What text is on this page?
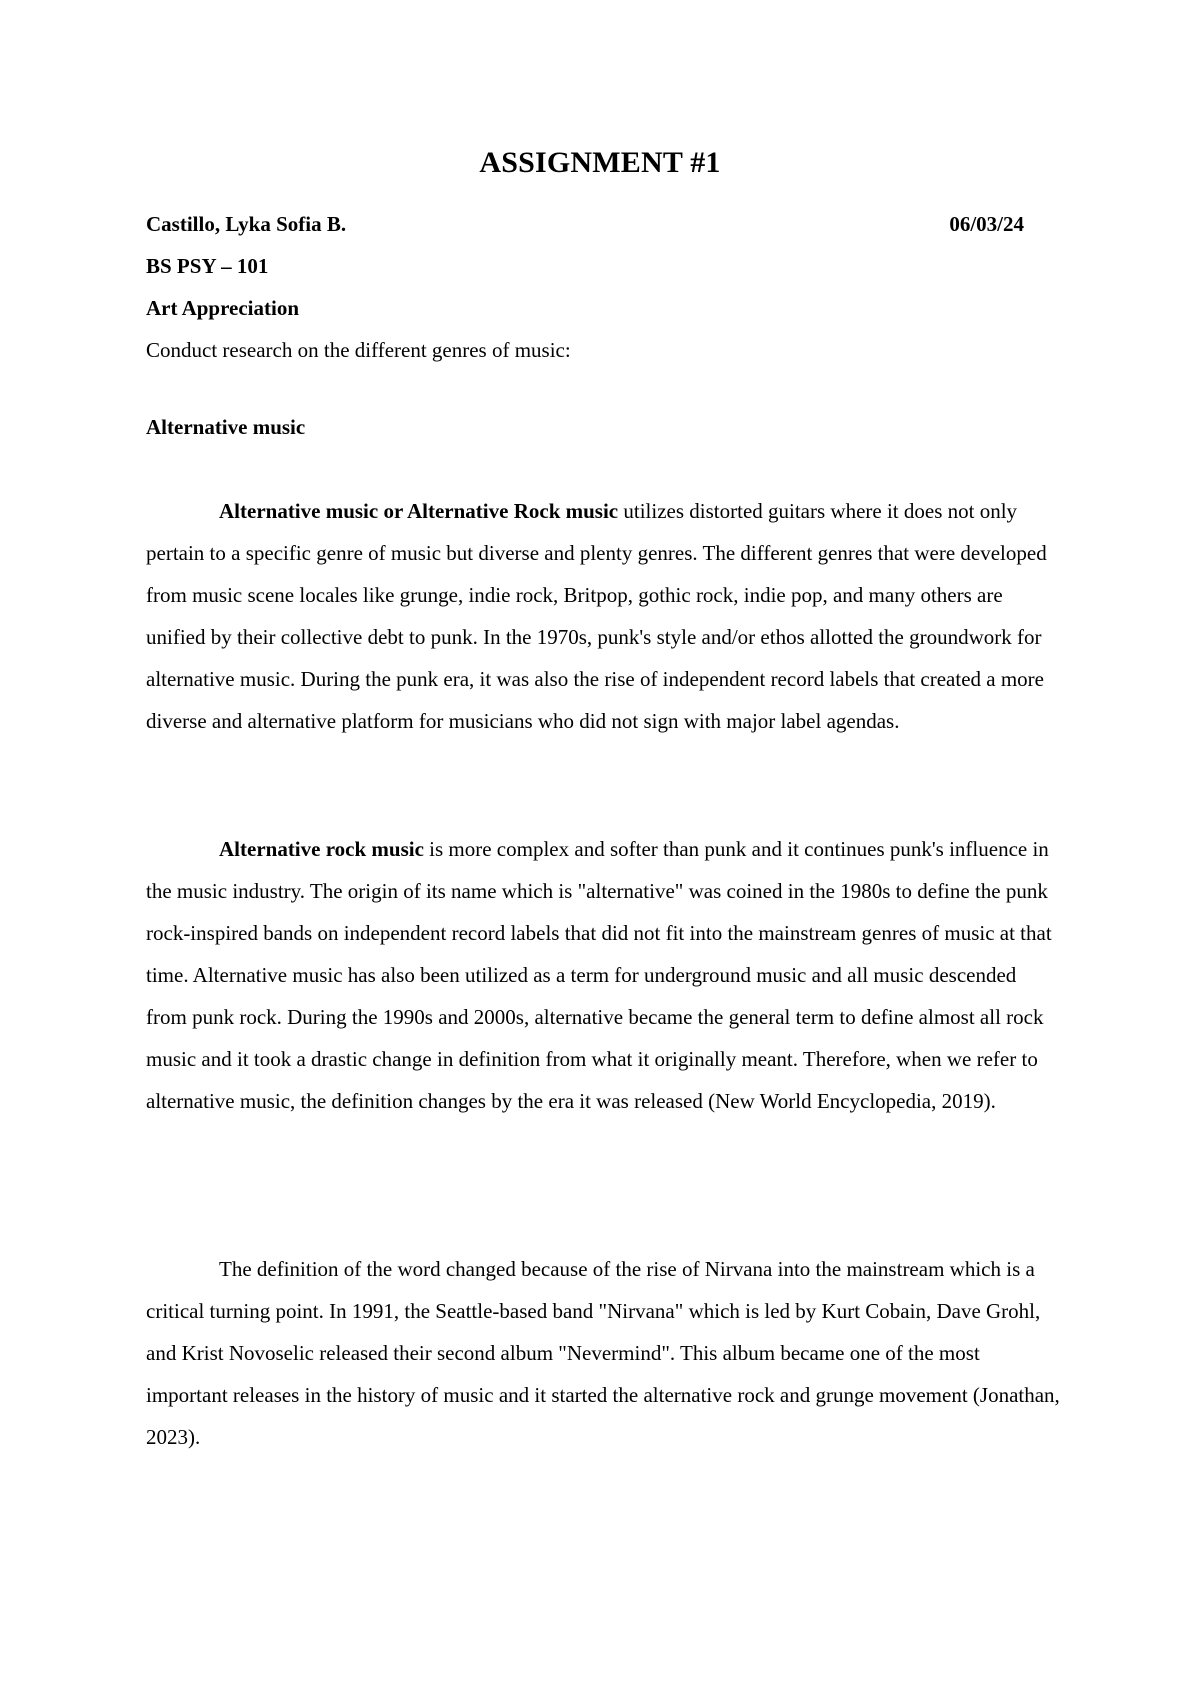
ASSIGNMENT #1
Castillo, Lyka Sofia B.	06/03/24
BS PSY – 101
Art Appreciation
Conduct research on the different genres of music:
Alternative music

Alternative music or Alternative Rock music utilizes distorted guitars where it does not only pertain to a specific genre of music but diverse and plenty genres. The different genres that were developed from music scene locales like grunge, indie rock, Britpop, gothic rock, indie pop, and many others are unified by their collective debt to punk. In the 1970s, punk's style and/or ethos allotted the groundwork for alternative music. During the punk era, it was also the rise of independent record labels that created a more diverse and alternative platform for musicians who did not sign with major label agendas.

Alternative rock music is more complex and softer than punk and it continues punk's influence in the music industry. The origin of its name which is "alternative" was coined in the 1980s to define the punk rock-inspired bands on independent record labels that did not fit into the mainstream genres of music at that time. Alternative music has also been utilized as a term for underground music and all music descended from punk rock. During the 1990s and 2000s, alternative became the general term to define almost all rock music and it took a drastic change in definition from what it originally meant. Therefore, when we refer to alternative music, the definition changes by the era it was released (New World Encyclopedia, 2019).

The definition of the word changed because of the rise of Nirvana into the mainstream which is a critical turning point. In 1991, the Seattle-based band "Nirvana" which is led by Kurt Cobain, Dave Grohl, and Krist Novoselic released their second album "Nevermind". This album became one of the most important releases in the history of music and it started the alternative rock and grunge movement (Jonathan, 2023).
